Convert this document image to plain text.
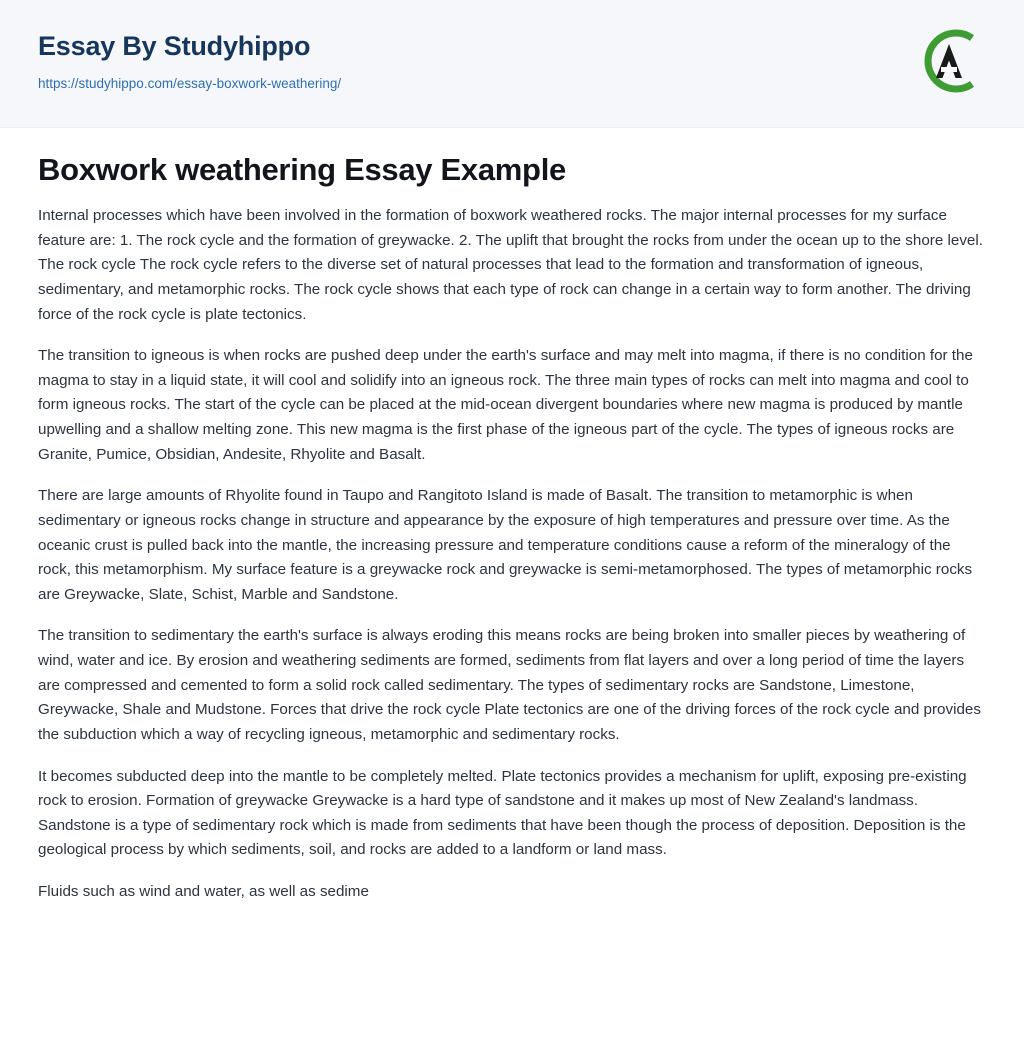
Essay By Studyhippo
https://studyhippo.com/essay-boxwork-weathering/
Boxwork weathering Essay Example

Internal processes which have been involved in the formation of boxwork weathered rocks. The major internal processes for my surface feature are: 1. The rock cycle and the formation of greywacke. 2. The uplift that brought the rocks from under the ocean up to the shore level. The rock cycle The rock cycle refers to the diverse set of natural processes that lead to the formation and transformation of igneous, sedimentary, and metamorphic rocks. The rock cycle shows that each type of rock can change in a certain way to form another. The driving force of the rock cycle is plate tectonics.

The transition to igneous is when rocks are pushed deep under the earth's surface and may melt into magma, if there is no condition for the magma to stay in a liquid state, it will cool and solidify into an igneous rock. The three main types of rocks can melt into magma and cool to form igneous rocks. The start of the cycle can be placed at the mid-ocean divergent boundaries where new magma is produced by mantle upwelling and a shallow melting zone. This new magma is the first phase of the igneous part of the cycle. The types of igneous rocks are Granite, Pumice, Obsidian, Andesite, Rhyolite and Basalt.

There are large amounts of Rhyolite found in Taupo and Rangitoto Island is made of Basalt. The transition to metamorphic is when sedimentary or igneous rocks change in structure and appearance by the exposure of high temperatures and pressure over time. As the oceanic crust is pulled back into the mantle, the increasing pressure and temperature conditions cause a reform of the mineralogy of the rock, this metamorphism. My surface feature is a greywacke rock and greywacke is semi-metamorphosed. The types of metamorphic rocks are Greywacke, Slate, Schist, Marble and Sandstone.

The transition to sedimentary the earth's surface is always eroding this means rocks are being broken into smaller pieces by weathering of wind, water and ice. By erosion and weathering sediments are formed, sediments from flat layers and over a long period of time the layers are compressed and cemented to form a solid rock called sedimentary. The types of sedimentary rocks are Sandstone, Limestone, Greywacke, Shale and Mudstone. Forces that drive the rock cycle Plate tectonics are one of the driving forces of the rock cycle and provides the subduction which a way of recycling igneous, metamorphic and sedimentary rocks.

It becomes subducted deep into the mantle to be completely melted. Plate tectonics provides a mechanism for uplift, exposing pre-existing rock to erosion. Formation of greywacke Greywacke is a hard type of sandstone and it makes up most of New Zealand's landmass. Sandstone is a type of sedimentary rock which is made from sediments that have been though the process of deposition. Deposition is the geological process by which sediments, soil, and rocks are added to a landform or land mass.

Fluids such as wind and water, as well as sedime
